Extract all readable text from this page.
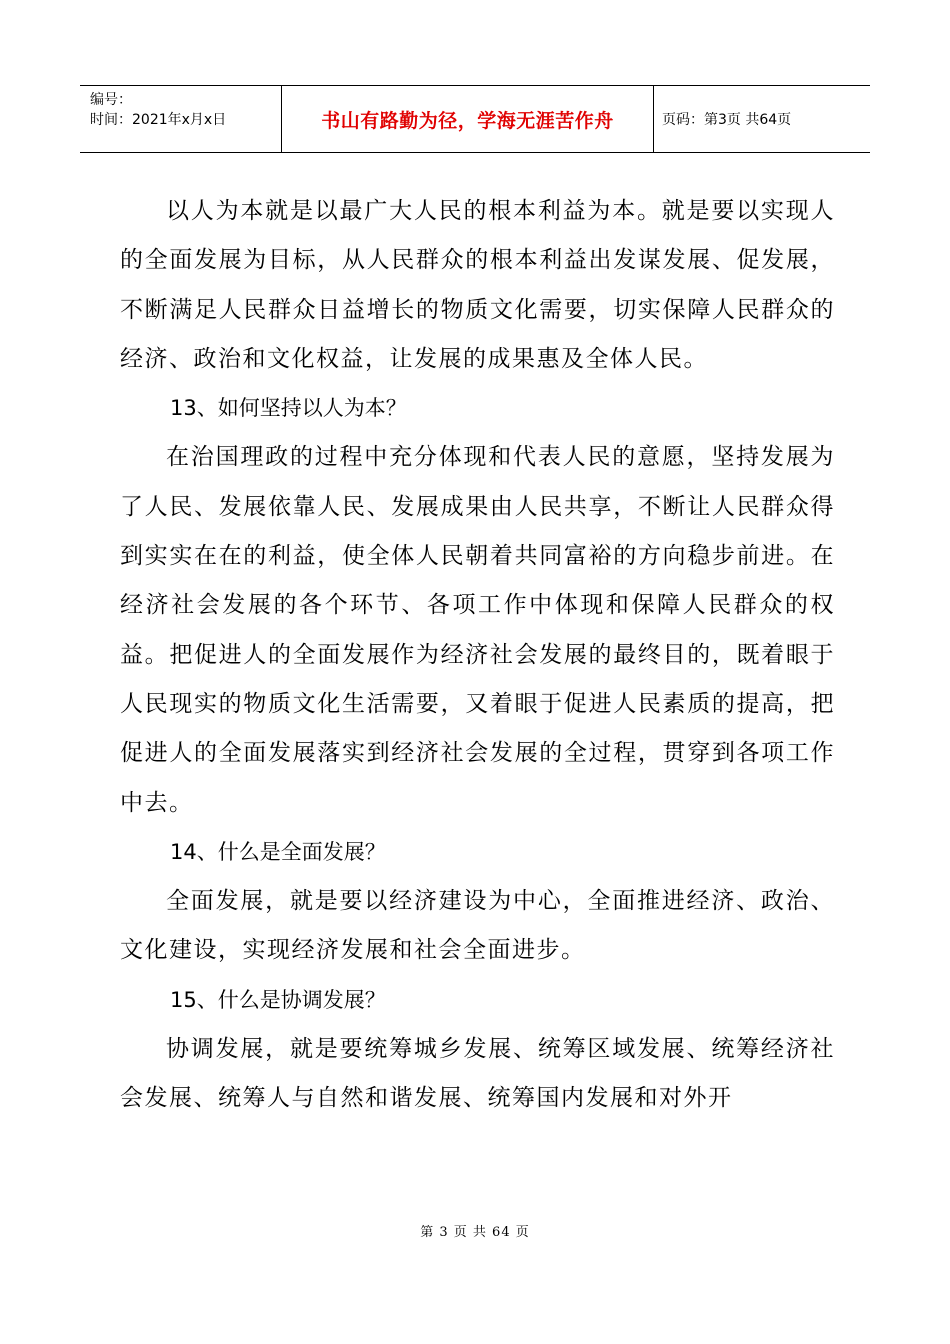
编号：
时间：2021年x月x日	书山有路勤为径，学海无涯苦作舟	页码：第3页 共64页

以人为本就是以最广大人民的根本利益为本。就是要以实现人的全面发展为目标，从人民群众的根本利益出发谋发展、促发展，不断满足人民群众日益增长的物质文化需要，切实保障人民群众的经济、政治和文化权益，让发展的成果惠及全体人民。

13、如何坚持以人为本？

在治国理政的过程中充分体现和代表人民的意愿，坚持发展为了人民、发展依靠人民、发展成果由人民共享，不断让人民群众得到实实在在的利益，使全体人民朝着共同富裕的方向稳步前进。在经济社会发展的各个环节、各项工作中体现和保障人民群众的权益。把促进人的全面发展作为经济社会发展的最终目的，既着眼于人民现实的物质文化生活需要，又着眼于促进人民素质的提高，把促进人的全面发展落实到经济社会发展的全过程，贯穿到各项工作中去。

14、什么是全面发展？

全面发展，就是要以经济建设为中心，全面推进经济、政治、文化建设，实现经济发展和社会全面进步。

15、什么是协调发展？

协调发展，就是要统筹城乡发展、统筹区域发展、统筹经济社会发展、统筹人与自然和谐发展、统筹国内发展和对外开

第 3 页 共 64 页
